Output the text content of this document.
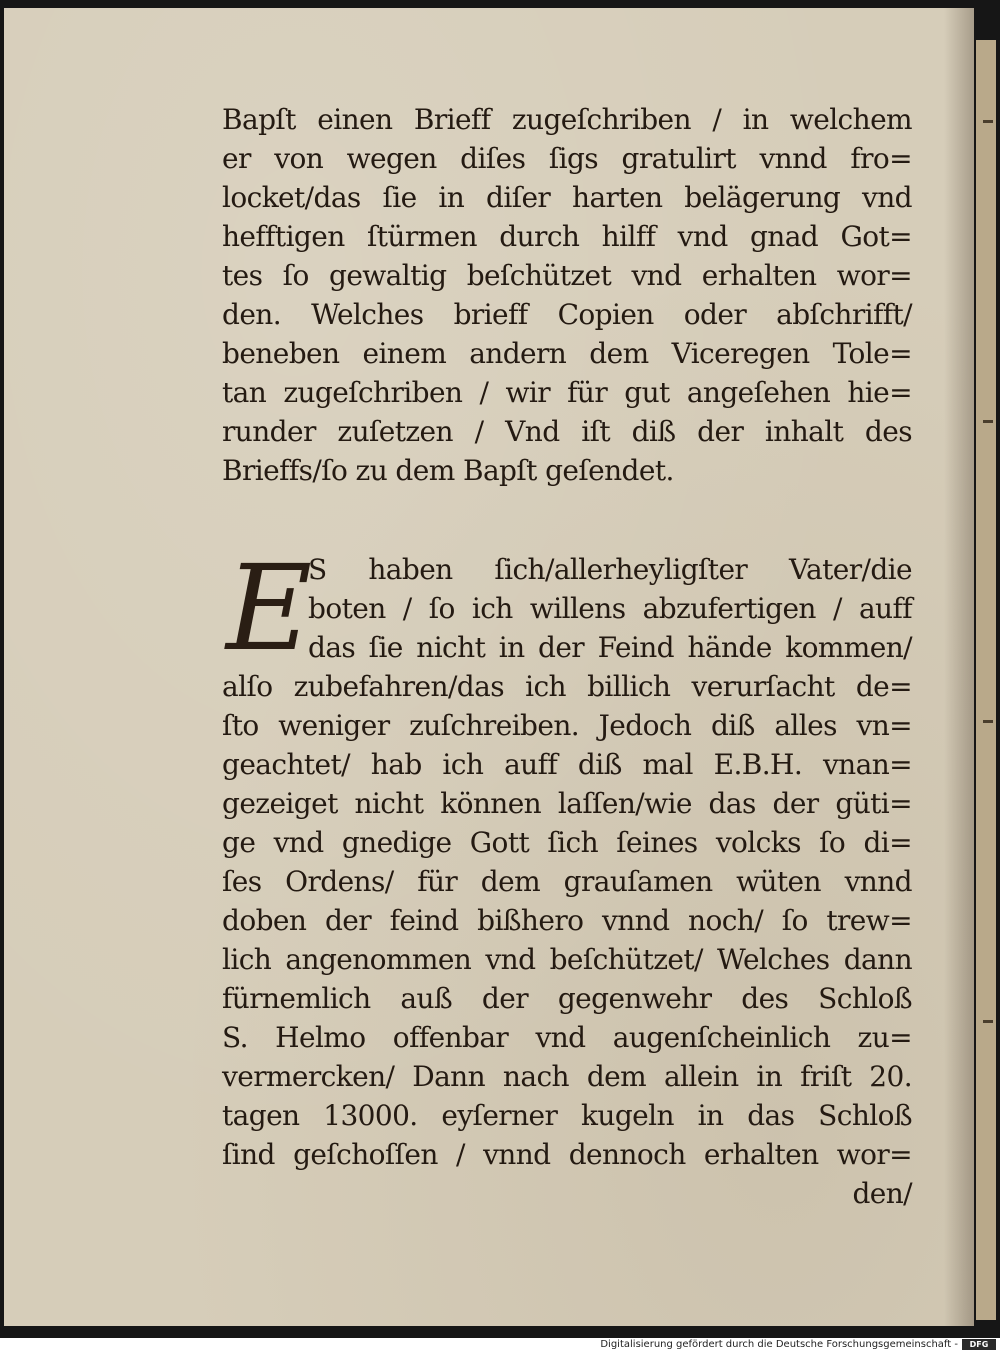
Bapſt einen Brieff zugeſchriben / in welchem
er von wegen diſes ſigs gratulirt vnnd fro=
locket/das ſie in diſer harten belägerung vnd
hefftigen ſtürmen durch hilff vnd gnad Got=
tes ſo gewaltig beſchützet vnd erhalten wor=
den. Welches brieff Copien oder abſchrifft/
beneben einem andern dem Viceregen Tole=
tan zugeſchriben / wir für gut angeſehen hie=
runder zuſetzen / Vnd iſt diß der inhalt des
Brieffs/ſo zu dem Bapſt geſendet.
E
S haben ſich/allerheyligſter Vater/die
boten / ſo ich willens abzufertigen / auff
das ſie nicht in der Feind hände kommen/
alſo zubefahren/das ich billich verurſacht de=
ſto weniger zuſchreiben. Jedoch diß alles vn=
geachtet/ hab ich auff diß mal E.B.H. vnan=
gezeiget nicht können laſſen/wie das der güti=
ge vnd gnedige Gott ſich ſeines volcks ſo di=
ſes Ordens/ für dem grauſamen wüten vnnd
doben der feind bißhero vnnd noch/ ſo trew=
lich angenommen vnd beſchützet/ Welches dann
fürnemlich auß der gegenwehr des Schloß
S. Helmo offenbar vnd augenſcheinlich zu=
vermercken/ Dann nach dem allein in friſt 20.
tagen 13000. eyſerner kugeln in das Schloß
ſind geſchoſſen / vnnd dennoch erhalten wor=
den/
Digitalisierung gefördert durch die Deutsche Forschungsgemeinschaft -	DFG
